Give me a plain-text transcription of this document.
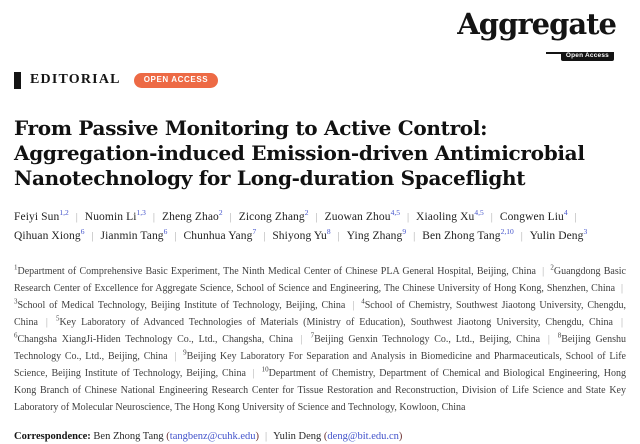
Aggregate
Open Access
EDITORIAL	OPEN ACCESS
From Passive Monitoring to Active Control:
Aggregation-induced Emission-driven Antimicrobial
Nanotechnology for Long-duration Spaceflight
Feiyi Sun$^{1,2}$ | Nuomin Li$^{1,3}$ | Zheng Zhao$^2$ | Zicong Zhang$^2$ | Zuowan Zhou$^{4,5}$ | Xiaoling Xu$^{4,5}$ | Congwen Liu$^4$ |
Qihuan Xiong$^6$ | Jianmin Tang$^6$ | Chunhua Yang$^7$ | Shiyong Yu$^8$ | Ying Zhang$^9$ | Ben Zhong Tang$^{2,10}$ | Yulin Deng$^3$

$^1$Department of Comprehensive Basic Experiment, The Ninth Medical Center of Chinese PLA General Hospital, Beijing, China | $^2$Guangdong Basic Research Center of Excellence for Aggregate Science, School of Science and Engineering, The Chinese University of Hong Kong, Shenzhen, China | $^3$School of Medical Technology, Beijing Institute of Technology, Beijing, China | $^4$School of Chemistry, Southwest Jiaotong University, Chengdu, China | $^5$Key Laboratory of Advanced Technologies of Materials (Ministry of Education), Southwest Jiaotong University, Chengdu, China | $^6$Changsha XiangJi-Hiden Technology Co., Ltd., Changsha, China | $^7$Beijing Genxin Technology Co., Ltd., Beijing, China | $^8$Beijing Genshu Technology Co., Ltd., Beijing, China | $^9$Beijing Key Laboratory For Separation and Analysis in Biomedicine and Pharmaceuticals, School of Life Science, Beijing Institute of Technology, Beijing, China | $^{10}$Department of Chemistry, Department of Chemical and Biological Engineering, Hong Kong Branch of Chinese National Engineering Research Center for Tissue Restoration and Reconstruction, Division of Life Science and State Key Laboratory of Molecular Neuroscience, The Hong Kong University of Science and Technology, Kowloon, China

Correspondence: Ben Zhong Tang (tangbenz@cuhk.edu) | Yulin Deng (deng@bit.edu.cn)
